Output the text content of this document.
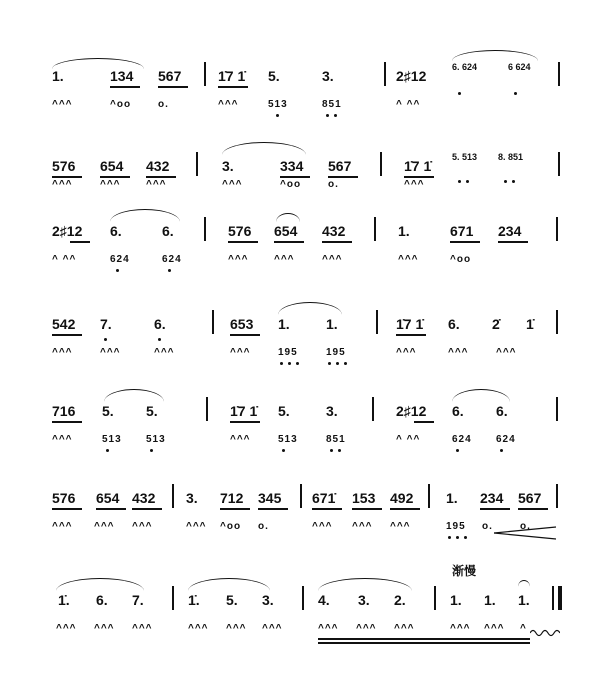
1.	134 567	1̇7 1̇ 5.	3.	2♯12
6. 624	6 624
^^^	^oo	o.	^^^	513	851	^ ^^
576 654 432	3.	334 567	1̇7 1̇
5. 513	8. 851
^^^	^^^	^^^	^^^	^oo	o.	^^^
2♯12 6.	6.	576 654 432	1.	671 234
^ ^^	624	624	^^^	^^^	^^^	^^^	^oo
542 7.	6.	653 1.	1.	1̇7 1̇ 6. 2̇ 1̇
^^^	^^^	^^^	^^^	195	195	^^^	^^^	^^^
716 5. 5.	1̇7 1̇ 5.	3.	2♯12 6. 6.
^^^	513 513	^^^	513	851	^ ^^	624 624
576 654 432 3. 712 345 671̇ 153 492 1. 234 567
^^^ ^^^ ^^^	^^^ ^oo o.	^^^ ^^^ ^^^	195 o.	o.
渐慢
1̇. 6. 7.	1̇. 5. 3.	4. 3. 2.	1. 1. 1.
^^^ ^^^ ^^^	^^^ ^^^ ^^^	^^^ ^^^ ^^^	^^^ ^^^ ^
